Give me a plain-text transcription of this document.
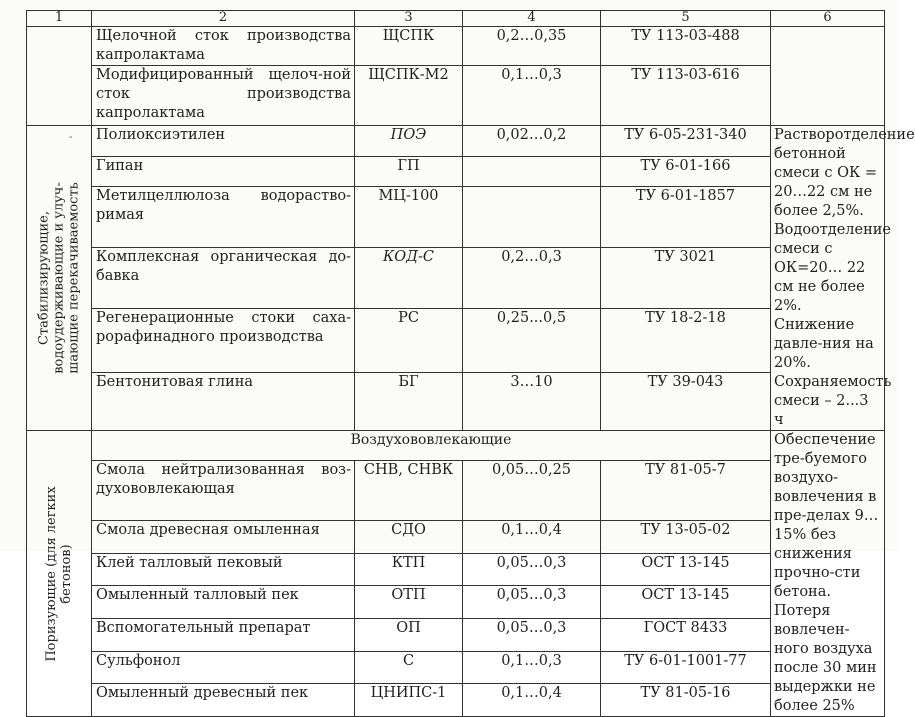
1	2	3	4	5	6

-	Щелочной сток производства капролактама	ЩСПК	0,2…0,35	ТУ 113-03-488	
	Модифицированный щелоч-ной сток производства капролактама	ЩСПК-М2	0,1…0,3	ТУ 113-03-616	

Стабилизирующие, водоудерживающие и улуч- шающие перекачиваемость	Полиоксиэтилен	ПОЭ	0,02…0,2	ТУ 6-05-231-340	Растворотделение бетонной смеси с ОК = 20…22 см не более 2,5%. Водоотделение смеси с ОК=20… 22 см не более 2%. Снижение давле-ния на 20%. Сохраняемость смеси – 2...3 ч
	Гипан	ГП		ТУ 6-01-166	
	Метилцеллюлоза водораство-римая	МЦ-100		ТУ 6-01-1857	
	Комплексная органическая до-бавка	КОД-С	0,2…0,3	ТУ 3021	
	Регенерационные стоки саха-рорафинадного производства	РС	0,25...0,5	ТУ 18-2-18	
	Бентонитовая глина	БГ	3…10	ТУ 39-043	

Поризующие (для легких бетонов)	Воздухововлекающие				Обеспечение тре-буемого воздухо-вовлечения в пре-делах 9…15% без снижения прочно-сти бетона. Потеря вовлечен-ного воздуха после 30 мин выдержки не более 25%
	Смола нейтрализованная воз-духововлекающая	СНВ, СНВК	0,05…0,25	ТУ 81-05-7	
	Смола древесная омыленная	СДО	0,1…0,4	ТУ 13-05-02	
	Клей талловый пековый	КТП	0,05…0,3	ОСТ 13-145	
	Омыленный талловый пек	ОТП	0,05…0,3	ОСТ 13-145	
	Вспомогательный препарат	ОП	0,05…0,3	ГОСТ 8433	
	Сульфонол	С	0,1…0,3	ТУ 6-01-1001-77	
	Омыленный древесный пек	ЦНИПС-1	0,1…0,4	ТУ 81-05-16	
